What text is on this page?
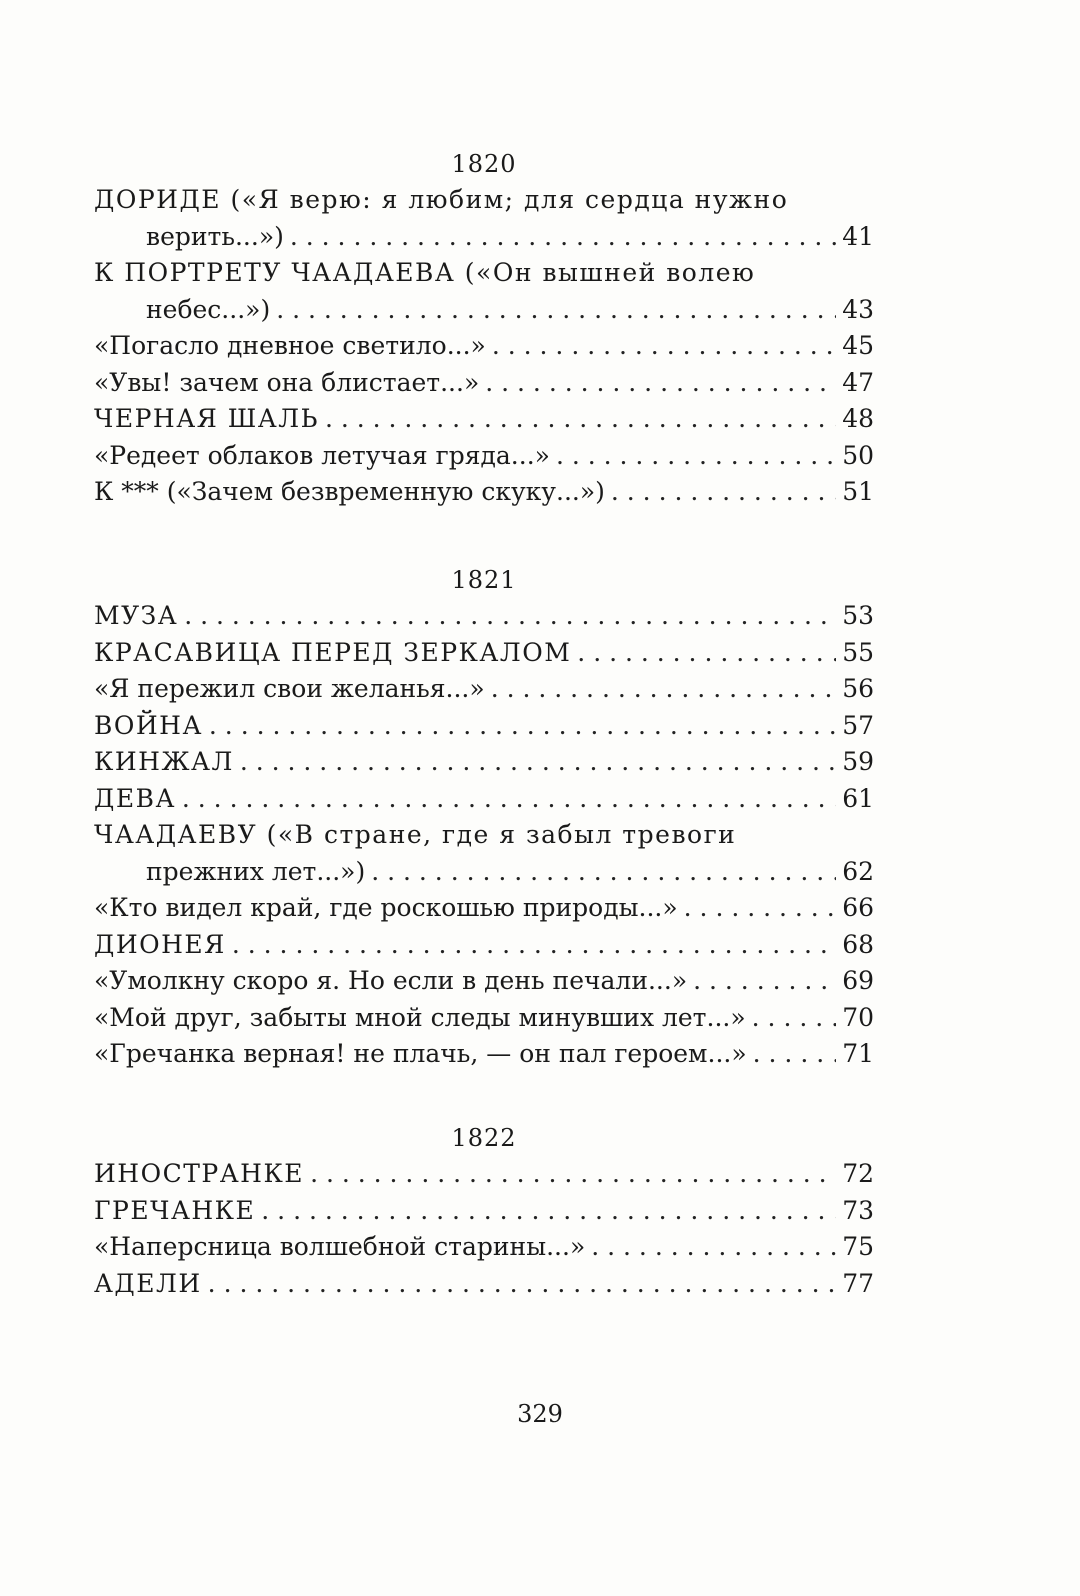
1820
ДОРИДЕ («Я верю: я любим; для сердца нужно
верить...») . . .	41
К ПОРТРЕТУ ЧААДАЕВА («Он вышней волею
небес...») . . .	43
«Погасло дневное светило...» . . .	45
«Увы! зачем она блистает...» . . .	47
ЧЕРНАЯ ШАЛЬ . . .	48
«Редеет облаков летучая гряда...» . . .	50
К *** («Зачем безвременную скуку...») . . .	51
1821
МУЗА . . .	53
КРАСАВИЦА ПЕРЕД ЗЕРКАЛОМ . . .	55
«Я пережил свои желанья...» . . .	56
ВОЙНА . . .	57
КИНЖАЛ . . .	59
ДЕВА . . .	61
ЧААДАЕВУ («В стране, где я забыл тревоги
прежних лет...») . . .	62
«Кто видел край, где роскошью природы...» . . .	66
ДИОНЕЯ . . .	68
«Умолкну скоро я. Но если в день печали...» . . .	69
«Мой друг, забыты мной следы минувших лет...» . . .	70
«Гречанка верная! не плачь, — он пал героем...» . . .	71
1822
ИНОСТРАНКЕ . . .	72
ГРЕЧАНКЕ . . .	73
«Наперсница волшебной старины...» . . .	75
АДЕЛИ . . .	77
329
